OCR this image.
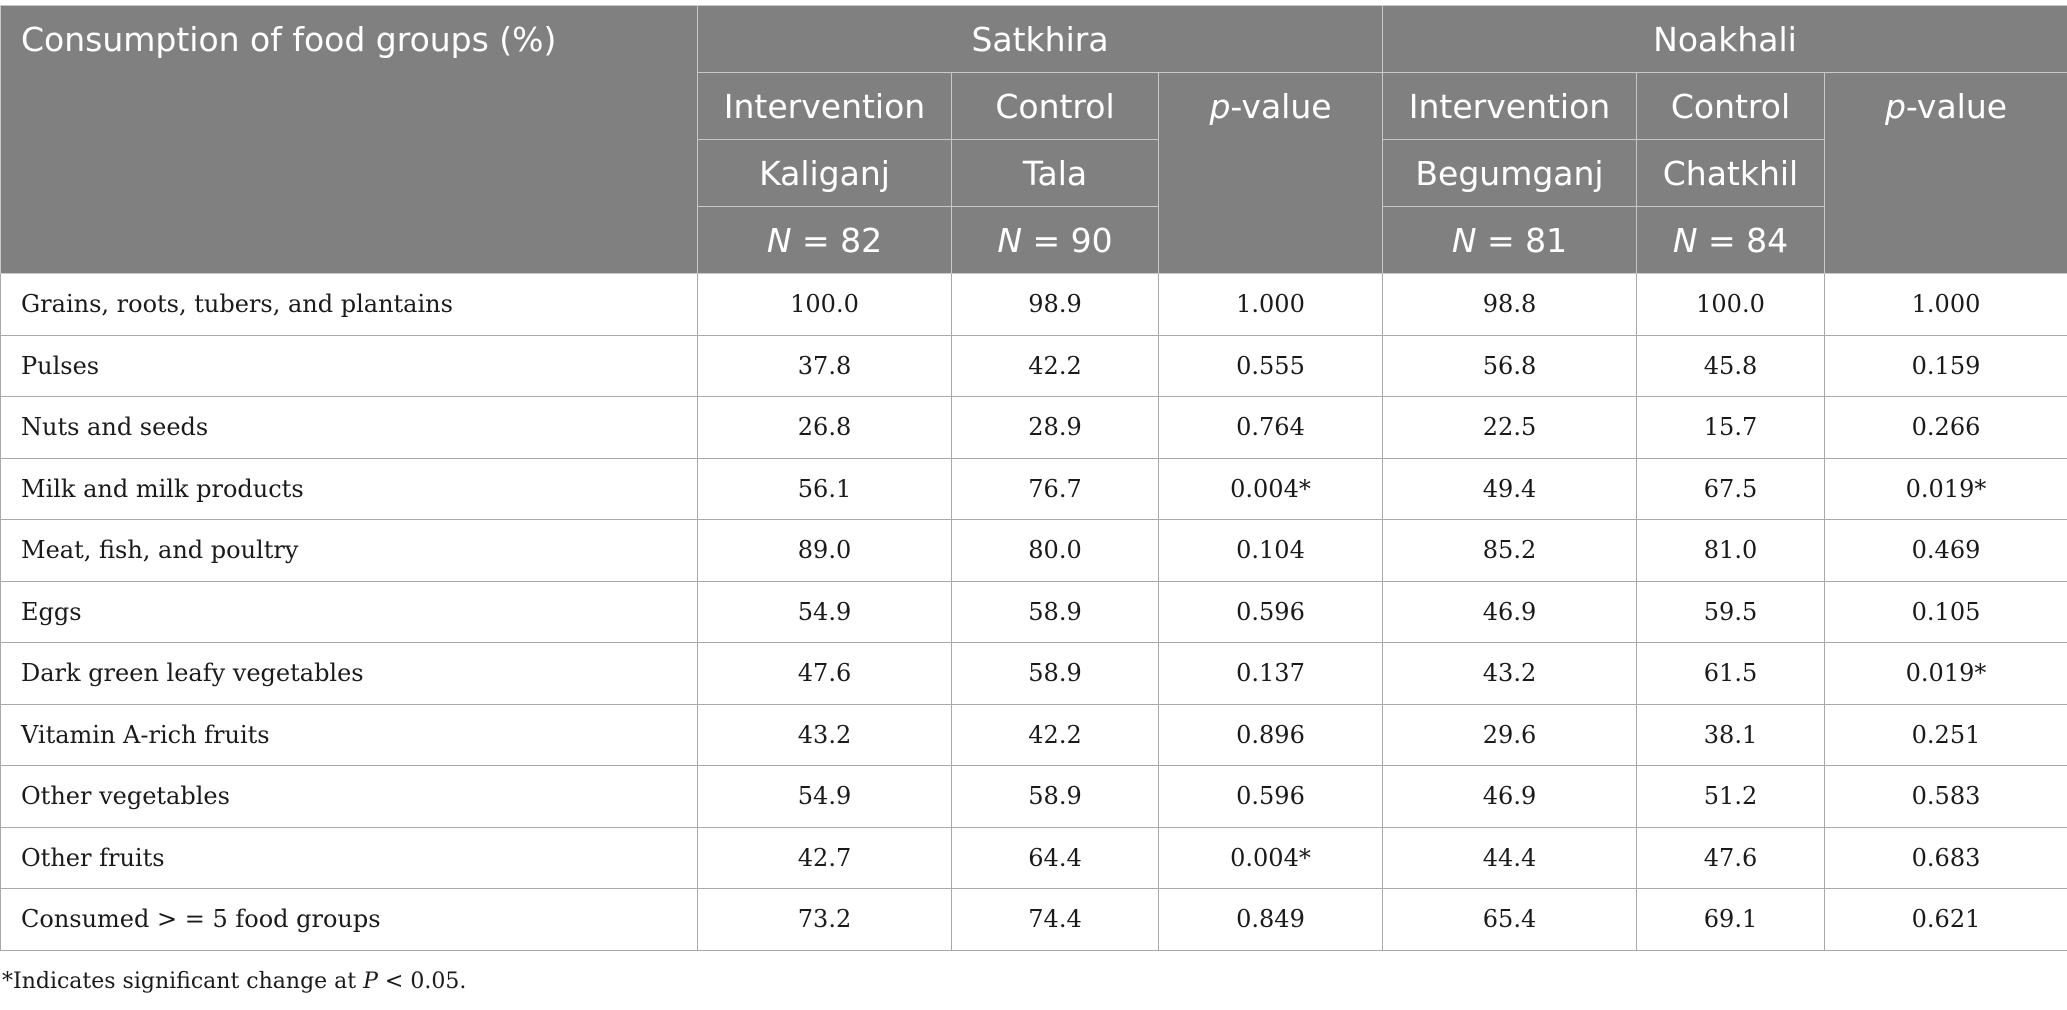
Consumption of food groups (%)	Satkhira			Noakhali		
	Intervention	Control	p-value	Intervention	Control	p-value
	Kaliganj	Tala		Begumganj	Chatkhil	
	N = 82	N = 90		N = 81	N = 84	
Grains, roots, tubers, and plantains	100.0	98.9	1.000	98.8	100.0	1.000
Pulses	37.8	42.2	0.555	56.8	45.8	0.159
Nuts and seeds	26.8	28.9	0.764	22.5	15.7	0.266
Milk and milk products	56.1	76.7	0.004*	49.4	67.5	0.019*
Meat, fish, and poultry	89.0	80.0	0.104	85.2	81.0	0.469
Eggs	54.9	58.9	0.596	46.9	59.5	0.105
Dark green leafy vegetables	47.6	58.9	0.137	43.2	61.5	0.019*
Vitamin A-rich fruits	43.2	42.2	0.896	29.6	38.1	0.251
Other vegetables	54.9	58.9	0.596	46.9	51.2	0.583
Other fruits	42.7	64.4	0.004*	44.4	47.6	0.683
Consumed > = 5 food groups	73.2	74.4	0.849	65.4	69.1	0.621
*Indicates significant change at P < 0.05.
